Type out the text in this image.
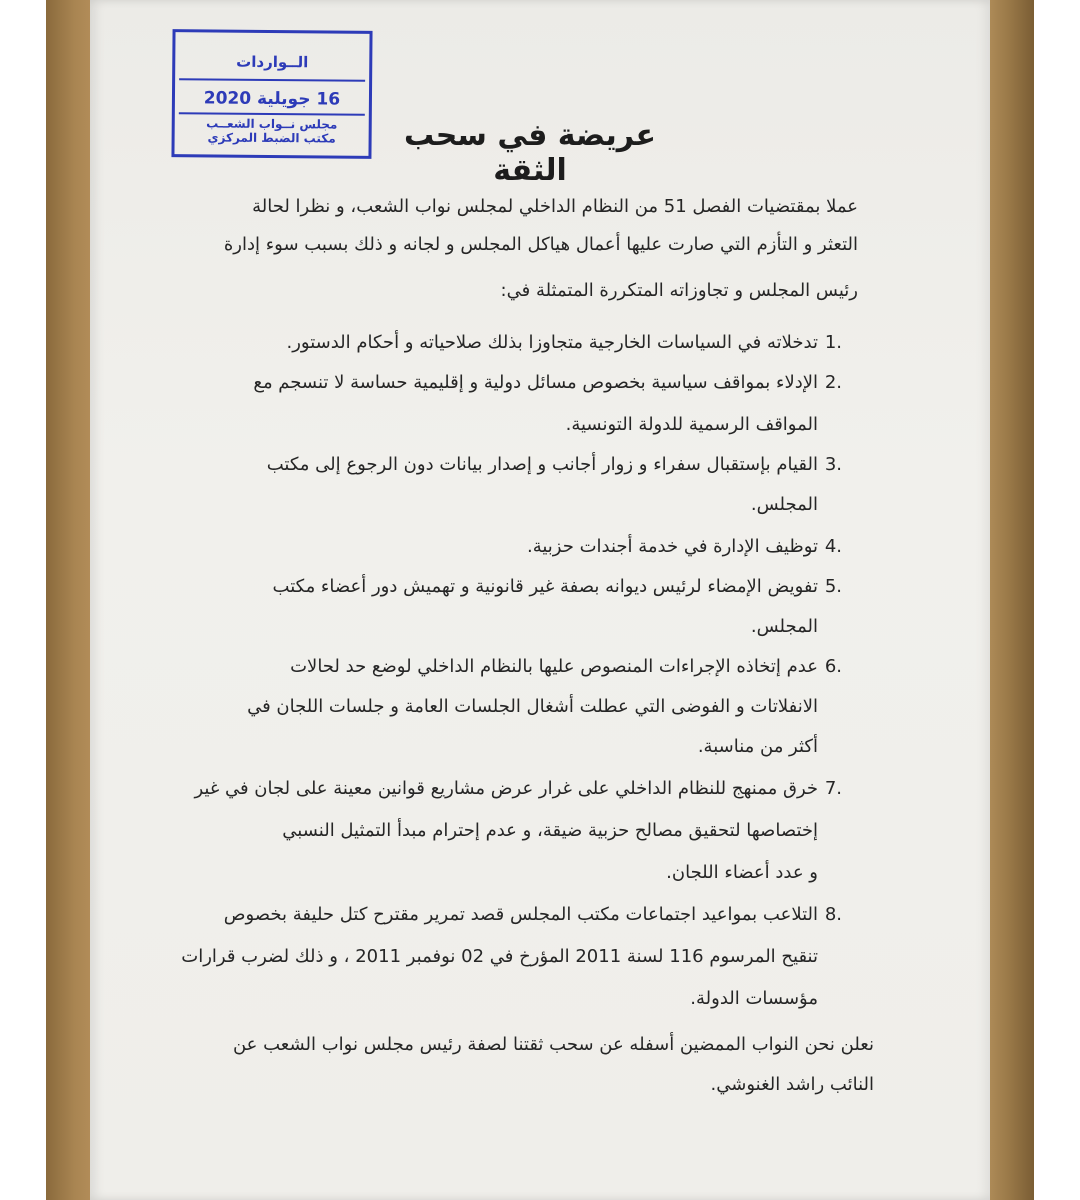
الــواردات
16 جويلية 2020
مجلس نــواب الشعــب
مكتب الضبط المركزي	عريضة في سحب الثقة
عملا بمقتضيات الفصل 51 من النظام الداخلي لمجلس نواب الشعب، و نظرا لحالة
التعثر و التأزم التي صارت عليها أعمال هياكل المجلس و لجانه و ذلك بسبب سوء إدارة
رئيس المجلس و تجاوزاته المتكررة المتمثلة في:
1.
تدخلاته في السياسات الخارجية متجاوزا بذلك صلاحياته و أحكام الدستور.
2.
الإدلاء بمواقف سياسية بخصوص مسائل دولية و إقليمية حساسة لا تنسجم مع
المواقف الرسمية للدولة التونسية.
3.
القيام بإستقبال سفراء و زوار أجانب و إصدار بيانات دون الرجوع إلى مكتب
المجلس.
4.
توظيف الإدارة في خدمة أجندات حزبية.
5.
تفويض الإمضاء لرئيس ديوانه بصفة غير قانونية و تهميش دور أعضاء مكتب
المجلس.
6.
عدم إتخاذه الإجراءات المنصوص عليها بالنظام الداخلي لوضع حد لحالات
الانفلاتات و الفوضى التي عطلت أشغال الجلسات العامة و جلسات اللجان في
أكثر من مناسبة.
7.
خرق ممنهج للنظام الداخلي على غرار عرض مشاريع قوانين معينة على لجان في غير
إختصاصها لتحقيق مصالح حزبية ضيقة، و عدم إحترام مبدأ التمثيل النسبي
و عدد أعضاء اللجان.
8.
التلاعب بمواعيد اجتماعات مكتب المجلس قصد تمرير مقترح كتل حليفة بخصوص
تنقيح المرسوم 116 لسنة 2011 المؤرخ في 02 نوفمبر 2011 ، و ذلك لضرب قرارات
مؤسسات الدولة.
نعلن نحن النواب الممضين أسفله عن سحب ثقتنا لصفة رئيس مجلس نواب الشعب عن
النائب راشد الغنوشي.
